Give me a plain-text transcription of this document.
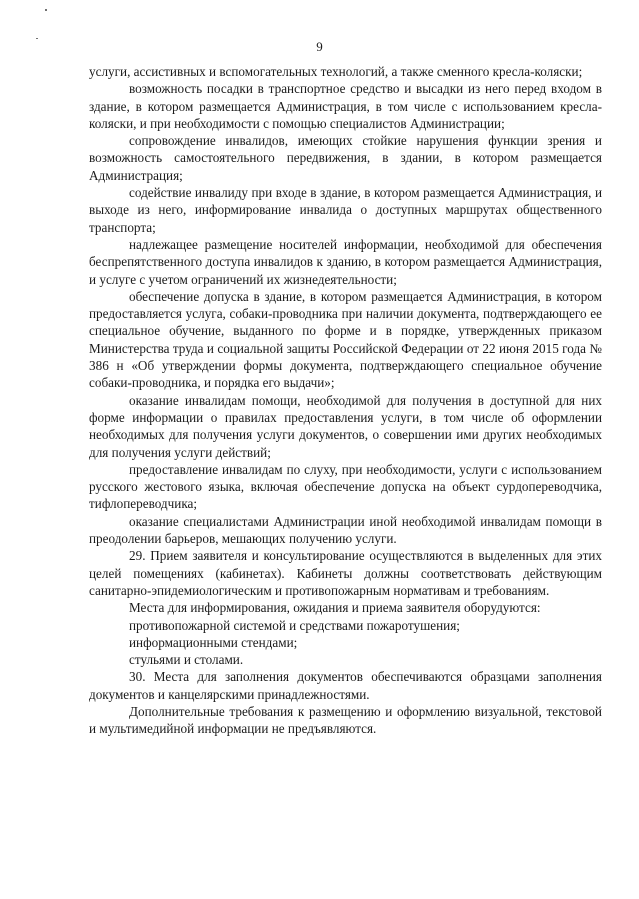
9

услуги, ассистивных и вспомогательных технологий, а также сменного кресла-коляски;

возможность посадки в транспортное средство и высадки из него перед входом в здание, в котором размещается Администрация, в том числе с использованием кресла-коляски, и при необходимости с помощью специалистов Администрации;

сопровождение инвалидов, имеющих стойкие нарушения функции зрения и возможность самостоятельного передвижения, в здании, в котором размещается Администрация;

содействие инвалиду при входе в здание, в котором размещается Администрация, и выходе из него, информирование инвалида о доступных маршрутах общественного транспорта;

надлежащее размещение носителей информации, необходимой для обеспечения беспрепятственного доступа инвалидов к зданию, в котором размещается Администрация, и услуге с учетом ограничений их жизнедеятельности;

обеспечение допуска в здание, в котором размещается Администрация, в котором предоставляется услуга, собаки-проводника при наличии документа, подтверждающего ее специальное обучение, выданного по форме и в порядке, утвержденных приказом Министерства труда и социальной защиты Российской Федерации от 22 июня 2015 года № 386 н «Об утверждении формы документа, подтверждающего специальное обучение собаки-проводника, и порядка его выдачи»;

оказание инвалидам помощи, необходимой для получения в доступной для них форме информации о правилах предоставления услуги, в том числе об оформлении необходимых для получения услуги документов, о совершении ими других необходимых для получения услуги действий;

предоставление инвалидам по слуху, при необходимости, услуги с использованием русского жестового языка, включая обеспечение допуска на объект сурдопереводчика, тифлопереводчика;

оказание специалистами Администрации иной необходимой инвалидам помощи в преодолении барьеров, мешающих получению услуги.

29. Прием заявителя и консультирование осуществляются в выделенных для этих целей помещениях (кабинетах). Кабинеты должны соответствовать действующим санитарно-эпидемиологическим и противопожарным нормативам и требованиям.

Места для информирования, ожидания и приема заявителя оборудуются:

противопожарной системой и средствами пожаротушения;

информационными стендами;

стульями и столами.

30. Места для заполнения документов обеспечиваются образцами заполнения документов и канцелярскими принадлежностями.

Дополнительные требования к размещению и оформлению визуальной, текстовой и мультимедийной информации не предъявляются.
